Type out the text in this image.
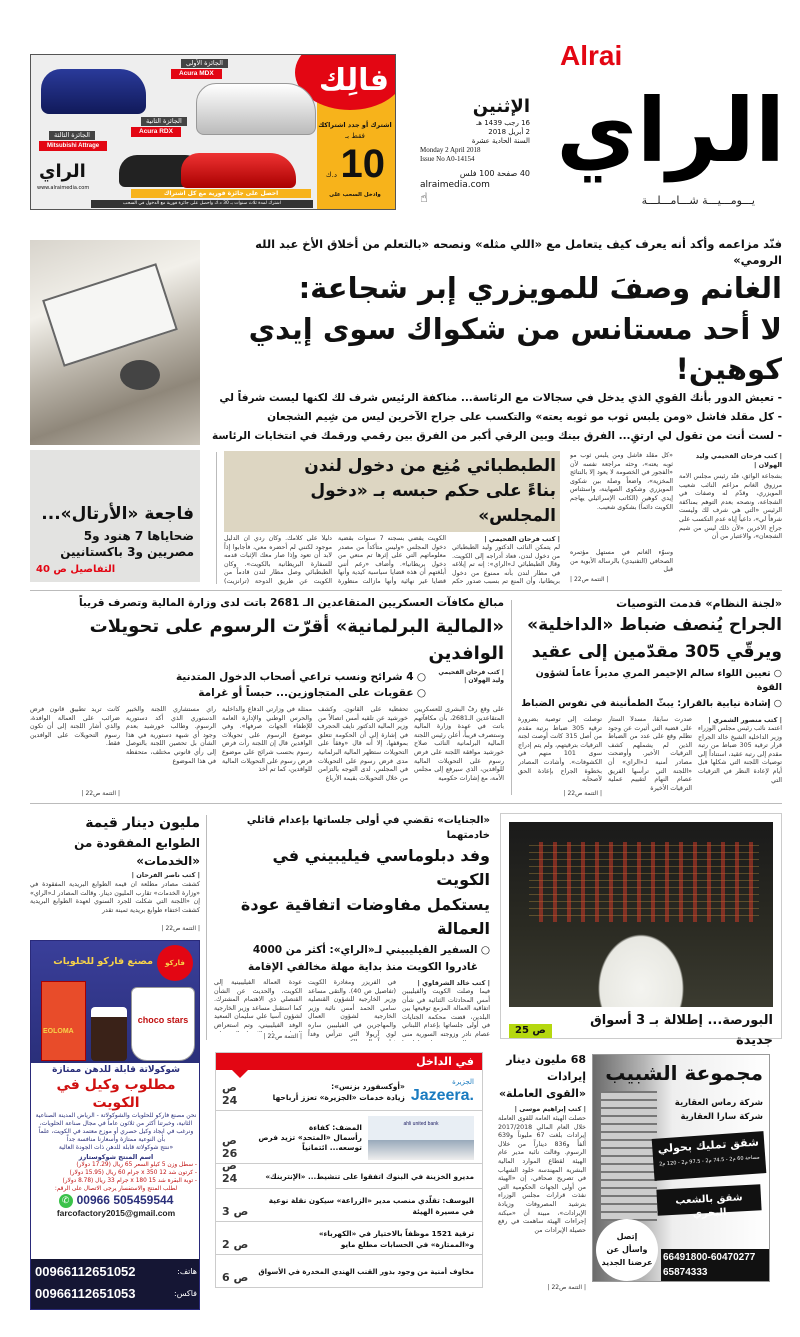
Alrai
الراي
يـــومـــيـــة شـــامـــلـــة
الإثنين
16 رجب 1439 هـ
2 أبريل 2018
السنة الحادية عشرة
Monday 2 April 2018
Issue No A0-14154
40 صفحة 100 فلس
alraimedia.com
☝
فالِك
اشترك أو جدد اشتراكك
فقط بـ
10
د.ك
وادخل السحب على
الجائزة الأولى
Acura MDX
الجائزة الثانية
Acura RDX
الجائزة الثالثة
Mitsubishi Attrage
الراي
www.alraimedia.com
احصل على جائزة فورية مع كل اشتراك
اشترك لمدة ثلاث سنوات بـ 30 د.ك واحصل على جائزة فورية مع الدخول في السحب
فنّد مزاعمه وأكد أنه يعرف كيف يتعامل مع «اللي مثله» ونصحه «بالتعلم من أخلاق الأخ عبد الله الرومي»
الغانم وصفَ للمويزري إبر شجاعة:
لا أحد مستانس من شكواك سوى إيدي كوهين!
- تعيش الدور بأنك القوي الذي يدخل في سجالات مع الرئاسة... مناكفة الرئيس شرف لك لكنها ليست شرفاً لي
- كل مقلد فاشل «ومن يلبس ثوب مو ثوبه يعته» والتكسب على جراح الآخرين ليس من شِيم الشجعان
- لست أنت من تقول لي ارتقِ... الفرق بينك وبين الرقي أكبر من الفرق بين رقمي ورقمك في انتخابات الرئاسة
فاجعة «الأرتال»...
ضحاياها 7 هنود و5 مصريين و3 باكستانيين
التفاصيل ص 40
الطبطبائي مُنِع من دخول لندن
بناءً على حكم حبسه بـ «دخول المجلس»
| كتب فرحان الفحيمي |
لم يتمكن النائب الدكتور وليد الطبطبائي من دخول لندن، فعاد أدراجه إلى الكويت. وقال الطبطبائي لـ«الراي»: إنه تم إبلاغه في مطار لندن بأنه ممنوع من دخول بريطانيا، وأن المنع تم بسبب صدور حكم
الكويت يقضي بسجنه 7 سنوات بقضية دخول المجلس «وليس متأكداً من مصدر معلوماتهم التي على إثرها تم منعي من دخول بريطانيا». وأضاف «رغم أنني أبلغتهم أن هذه قضايا سياسية كيدية وأنها قضايا غير نهائية وأنها مازالت منظورة
دليلاً على كلامك. وكان ردي أن الدليل موجود لكنني لم أحضره معي، فأجابوا إذاً لابد أن تعود وإذا صار معك الإثبات قدمه للسفارة البريطانية بالكويت». وكان الطبطبائي وصل مطار لندن قادماً من الكويت عن طريق الدوحة (ترانزيت)
| كتب فرحان الفحيمي وليد الهولان |
بشجاعة الواثق، فنّد رئيس مجلس الأمة مرزوق الغانم مزاعم النائب شعيب المويزري، وقدّم له وصفات في الشجاعة، ونصحه بعدم التوهم بمناكفة الرئيس «التي هي شرف لك وليست شرفاً لي»، داعياً إياه عدم التكسب على جراح الآخرين «لأن ذلك ليس من شيم الشجعان»، والاعتبار من أن
«كل مقلد فاشل ومن يلبس ثوب مو ثوبه يعته»، وحثه مراجعة نفسه لأن «الفجور في الخصومة لا يعود إلا بالنتائج المخزية»، واضعاً وصلة بين شكوى المويزري وشكوى الصهاينة، واستئناس إيدي كوهين (الكاتب الإسرائيلي يهاجم الكويت دائماً) بشكوى شعيب.
وسوّء الغانم في مستهل مؤتمره الصحافي (التفنيدي) بالرسالة الأبوية من قبل
| التتمة ص22 |
«لجنة النظام» قدمت التوصيات
الجراح يُنصف ضباط «الداخلية»
ويرقّي 305 مقدّمين إلى عقيد
○ تعيين اللواء سالم الإحيمر المري مديراً عاماً لشؤون القوة
○ إشادة نيابية بالقرار: يبثّ الطمأنينة في نفوس الضباط
| كتب منصور الشمري |
اعتمد نائب رئيس مجلس الوزراء وزير الداخلية الشيخ خالد الجراح قرار ترقية 305 ضباط من رتبة مقدم إلى رتبة عقيد، استناداً إلى توصيات اللجنة التي شكلها قبل أيام لإعادة النظر في الترقيات التي
صدرت سابقاً، مسدلاً الستار على قضية التي أثيرت عن وجود تظلم وقع على عدد من الضباط الذين لم يشملهم كشف الترقيات الأخير. وأوضحت مصادر أمنية لـ«الراي» أن «اللجنة التي ترأسها الفريق عصام النهام لتقييم عملية الترقيات الأخيرة
توصلت إلى توصية بضرورة ترقية 305 ضباط برتبة مقدم من أصل 315 كانت أوصت لجنة الترقيات بترقيتهم، ولم يتم إدراج سوى 101 منهم في الكشوفات». وأشادت المصادر بخطوة الجراح بإعادة الحق لأصحابه
| التتمة ص22 |
مبالغ مكافآت العسكريين المتقاعدين الـ 2681 باتت لدى وزارة المالية وتصرف قريباً
«المالية البرلمانية» أقرّت الرسوم على تحويلات الوافدين
| كتب فرحان الفحيمي وليد الهولان |
○ 4 شرائح ونسب تراعي أصحاب الدخول المتدنية
○ عقوبات على المتجاوزين... حبساً أو غرامة
على وقع رفّ البشرى للعسكريين المتقاعدين الـ2681، بأن مكافآتهم باتت في عهدة وزارة المالية وستصرف قريباً، أعلن رئيس اللجنة المالية البرلمانية النائب صلاح خورشيد موافقة اللجنة على فرض رسوم على التحويلات المالية للوافدين، الذي سيرفع إلى مجلس الأمة، مع إشارات حكومية
تحفظية على القانون. وكشف خورشيد عن تلقيه أمس اتصالاً من وزير المالية الدكتور نايف الحجرف في إشارة إلى أن الحكومة تتعلق بموقفها، إلا أنه قال «وفقاً على التحويلات ستظهر المالية البرلمانية مدى فرض رسوم على التحويلات في المجلس، لدى التوجه بالتزامن من خلال التحويلات بقيمة الأرباع
ممثلة في وزارتي الدفاع والداخلية والحرس الوطني والإدارة العامة للإطفاء الجهات صرفها». وفي موضوع الرسوم على تحويلات الوافدين قال إن اللجنة رأت فرض رسوم بحسب شرائح على موضوع فرض رسوم على التحويلات المالية للوافدين، كما تم أخذ
رأي مستشاري اللجنة والخبير الدستوري الذي أكد دستورية الرسوم. وطالب خورشيد بعدم وجود أي شبهة دستورية في هذا الشأن بل تحصين اللجنة بالتوصل إلى رأي قانوني مختلف، متحفظة في هذا الموضوع
كانت تريد تطبيق قانون فرض ضرائب على العمالة الوافدة، والذي أشار اللجنة إلى أن تكون رسوم التحويلات على الوافدين فقط.
| التتمة ص22 |
البورصة... إطلالة بـ 3 أسواق جديدة
ص 25
«الجنايات» تقضي في أولى جلساتها بإعدام قاتلي خادمتهما
وفد دبلوماسي فيليبيني في الكويت
يستكمل مفاوضات اتفاقية عودة العمالة
○ السفير الفيليبيني لـ«الراي»: أكثر من 4000
غادروا الكويت منذ بداية مهلة مخالفي الإقامة
| كتب خالد الشرقاوي |
فيما وصلت الكويت والفيليبين أمس المحادثات الثنائية في شأن اتفاقية العمالة المزمع توقيعها بين البلدين، قضت محكمة الجنايات في أولى جلساتها بإعدام اللبناني عصام نادر وزوجته السورية منى
في الفريزر ومغادرة الكويت (تفاصيل ص 40). والتقى مساعد وزير الخارجية للشؤون القنصلية سامي الحمد أمس نائبة وزير الخارجية لشؤون العمال والمهاجرين في الفيليبين ساره لوي آريولا التي تترأس وفداً
عودة العمالة الفيليبينية إلى الكويت، والحديث عن الشأن القنصلي ذي الاهتمام المشترك. كما استقبل مساعد وزير الخارجية لشؤون آسيا علي سليمان السعيد الوفد الفيليبيني، وتم استعراض
| التتمة ص22 |
مليون دينار قيمة
الطوابع المفقودة من «الخدمات»
| كتب ناصر الفرحان |
كشفت مصادر مطلعة أن قيمة الطوابع البريدية المفقودة في «وزارة الخدمات» تقارب المليون دينار. وقالت المصادر لـ«الراي» إن «اللجنة التي شكلت للجرد السنوي لعهدة الطوابع البريدية كشفت اختفاء طوابع بريدية ثمينة تقدر
| التتمة ص22 |
فاركو
مصنع فاركو للحلويات
EOLOMA
choco stars
شوكولاتة قابلة للدهن ممتازة
مطلوب وكيل في الكويت
نحن مصنع فاركو للحلويات والشوكولاتة - الرياض المدينة الصناعية الثانية، وخبرتنا أكثر من ثلاثون عاماً في مجال صناعة الحلويات، ونرغب في ايجاد وكيل حصري أو موزع معتمد في الكويت، علماً بأن النوعية ممتازة وأسعارنا منافسة جداً
«ننتج شوكولاتة قابلة للدهن ذات الجودة العالية
اسم المنتج شوكوستارز
- سطل وزن 5 كيلو السعر 65 ريال (17.29 دولار)
- كرتون شد 12 x 350 جرام 60 ريال (15.95 دولار)
- توبة البقرة شد 15 x 180 جرام 33 ريال (8.78 دولار)
لطلب المنتج والاستفسار يرجى الاتصال على الرقم:
✆ 00966 505459544
farcofactory2015@gmail.com
هاتف:
00966112651052
فاكس:
00966112651053
في الداخل
الجزيرة
Jazeera.
«أوكسفورد بزنس»:
زيادة خدمات «الجزيرة» تعزز أرباحها
ص 24
ahli united bank
المضف: كفاءة
رأسمال «المتحد» تزيد فرص
توسعه... ائتمانياً
ص 26
مديرو الخزينة في البنوك اتفقوا على تنشيط... «الإنتربنك»
ص 24
اليوسف: تقلّدي منصب مدير «الزراعة» سيكون نقلة نوعية
في مسيرة الهيئة
ص 3
ترقية 1521 موظفاً بالاختيار في «الكهرباء»
و«الممتازة» في الحسابات مطلع مايو
ص 2
مخاوف أمنية من وجود بذور القنب الهندي المخدرة في الأسواق
ص 6
68 مليون دينار
إيرادات
«القوى العاملة»
| كتب إبراهيم موسى |
حصلت الهيئة العامة للقوى العاملة خلال العام المالي 2017/2018 إيرادات بلغت 67 مليوناً و639 ألفاً و836 ديناراً من خلال الرسوم. وقالت نائبة مدير عام الهيئة لقطاع الموارد المالية البشرية المهندسة خلود الشهاب في تصريح صحافي، إن «الهيئة من أولى الجهات الحكومية التي نفذت قرارات مجلس الوزراء بترشيد المصروفات وزيادة الإيرادات»، مبينة أن «ميكنة إجراءات الهيئة ساهمت في رفع حصيلة الإيرادات من
| التتمة ص22 |
مجموعة الشبيب
شركة رماس العقارية
شركة سارا العقارية
شقق تمليك بحولي
مساحة 60 م2 - 74.5 م2 - 97.5 م2 - 120 م2
شقق بالشعب البحري
إتصل
واسأل عن
عرضنا الجديد	66491800-60470277
65874333
